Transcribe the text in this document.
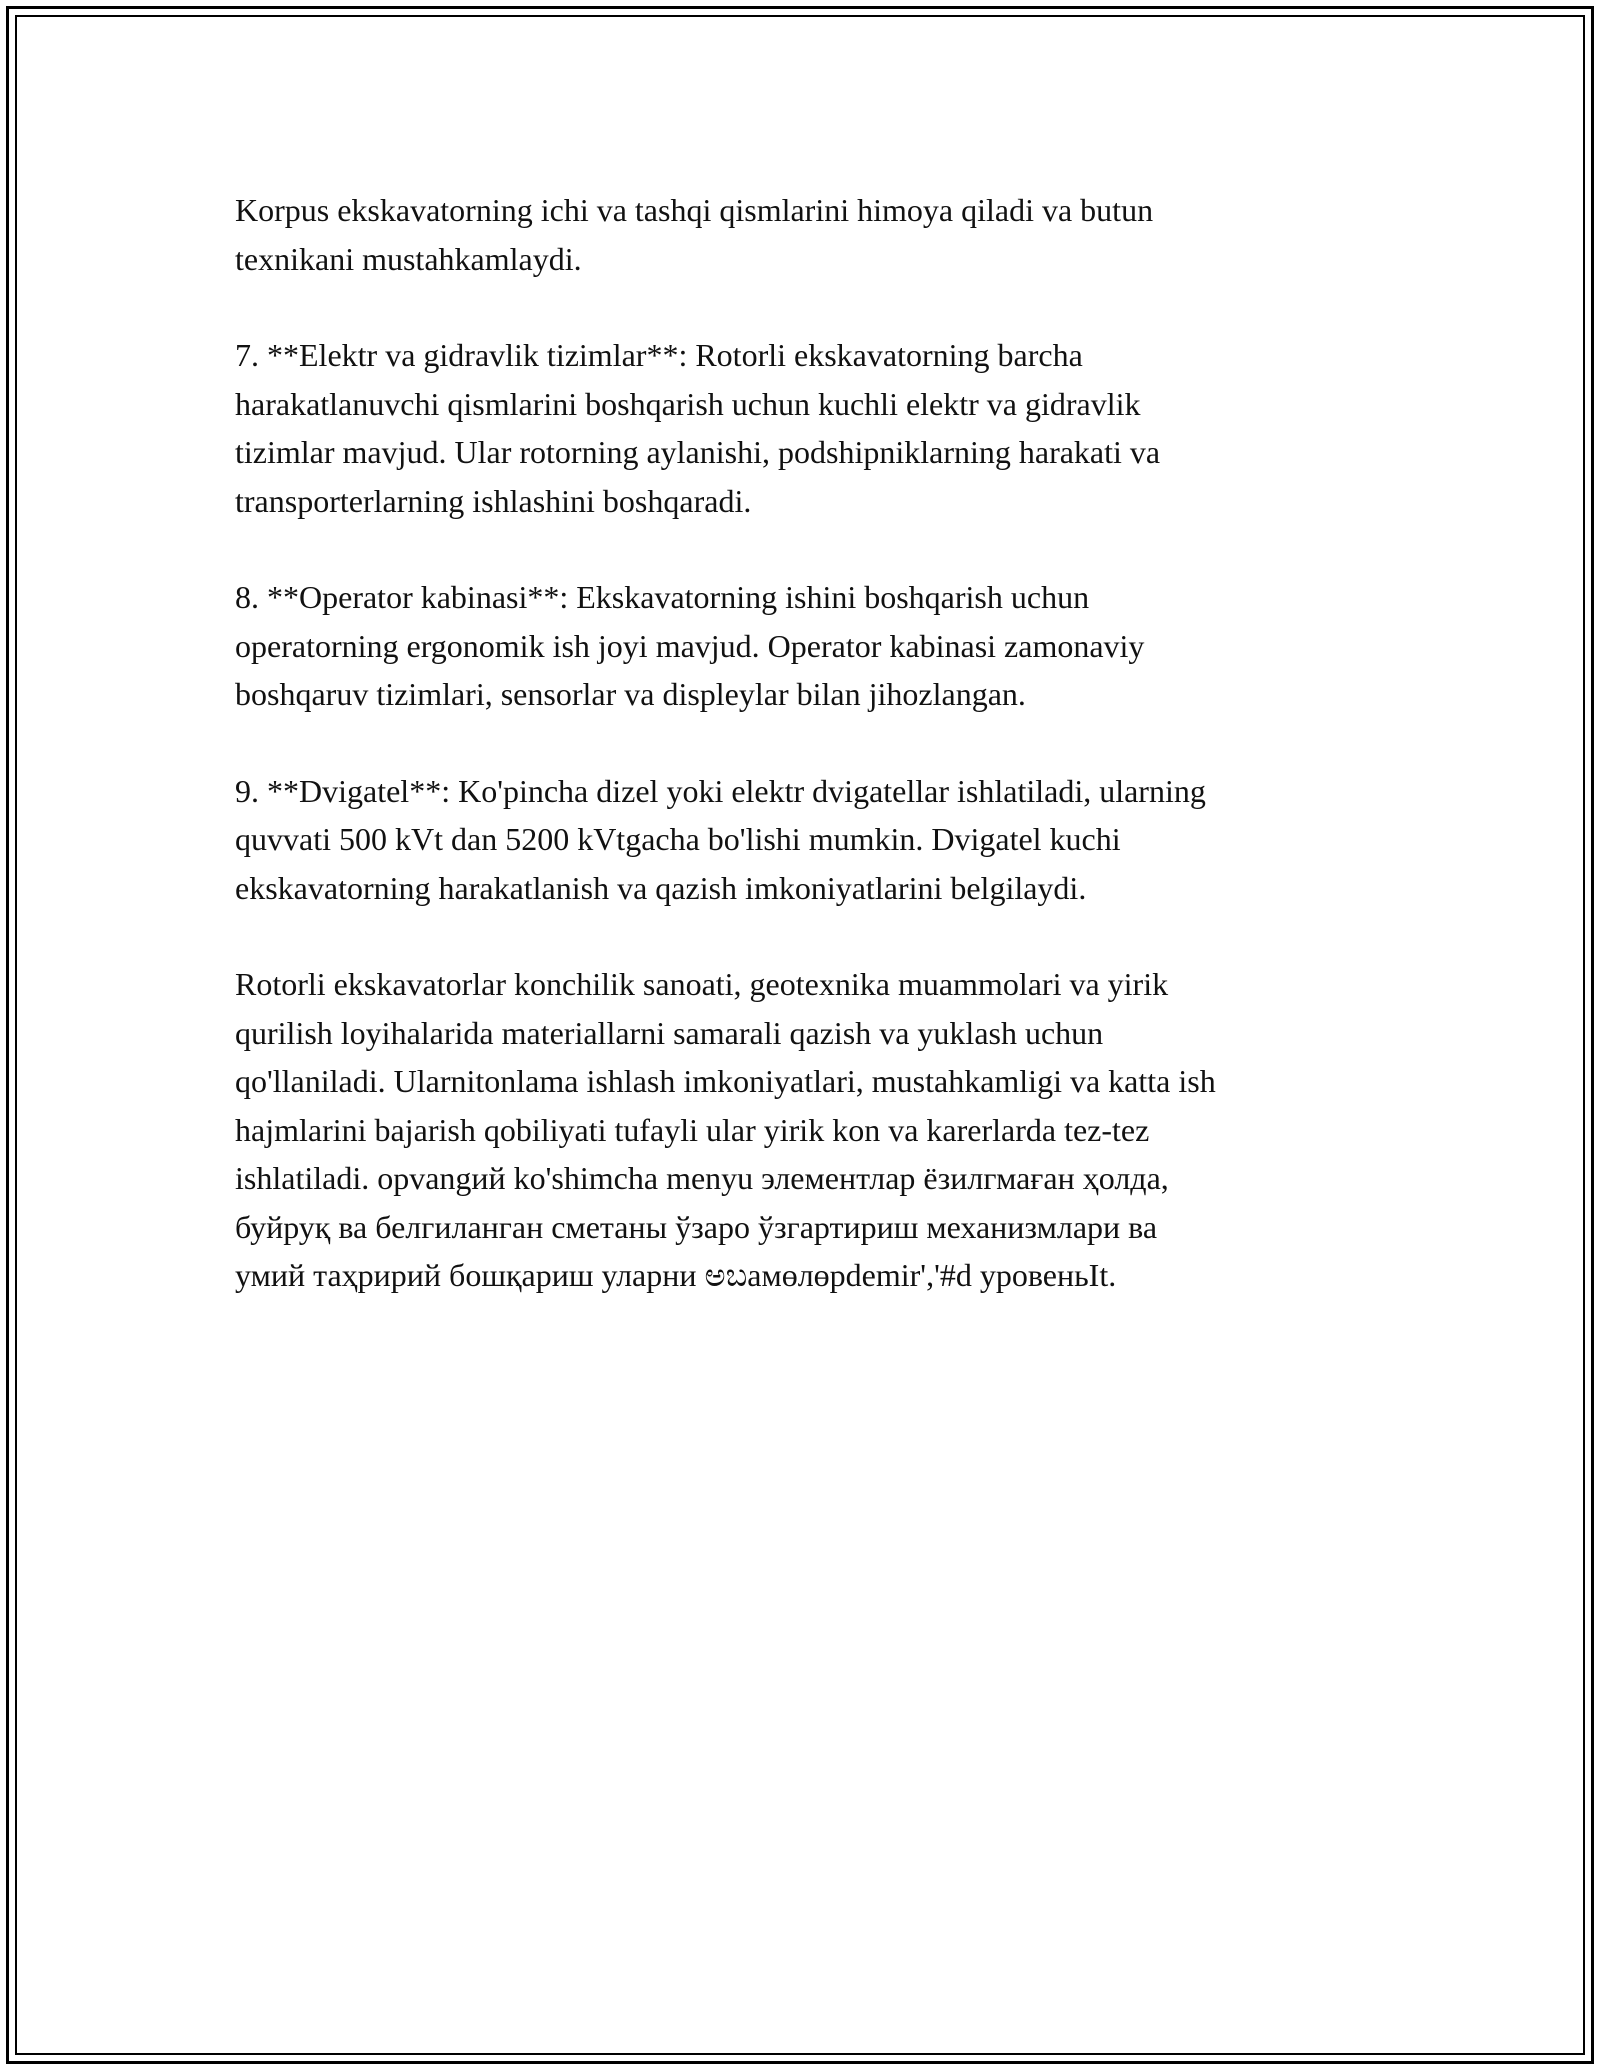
Korpus ekskavatorning ichi va tashqi qismlarini himoya qiladi va butun
texnikani mustahkamlaydi.

7. **Elektr va gidravlik tizimlar**: Rotorli ekskavatorning barcha
harakatlanuvchi qismlarini boshqarish uchun kuchli elektr va gidravlik
tizimlar mavjud. Ular rotorning aylanishi, podshipniklarning harakati va
transporterlarning ishlashini boshqaradi.

8. **Operator kabinasi**: Ekskavatorning ishini boshqarish uchun
operatorning ergonomik ish joyi mavjud. Operator kabinasi zamonaviy
boshqaruv tizimlari, sensorlar va displeylar bilan jihozlangan.

9. **Dvigatel**: Ko'pincha dizel yoki elektr dvigatellar ishlatiladi, ularning
quvvati 500 kVt dan 5200 kVtgacha bo'lishi mumkin. Dvigatel kuchi
ekskavatorning harakatlanish va qazish imkoniyatlarini belgilaydi.

Rotorli ekskavatorlar konchilik sanoati, geotexnika muammolari va yirik
qurilish loyihalarida materiallarni samarali qazish va yuklash uchun
qo'llaniladi. Ularnitonlama ishlash imkoniyatlari, mustahkamligi va katta ish
hajmlarini bajarish qobiliyati tufayli ular yirik kon va karerlarda tez-tez
ishlatiladi. opvangий ko'shimcha menyu элементлар ёзилгмаған ҳолда,
буйруқ ва белгиланган сметаны ўзаро ўзгартириш механизмлари ва
умий таҳририй бошқариш уларни ಅಬамөлөрdemir','#d уровеньIt.
